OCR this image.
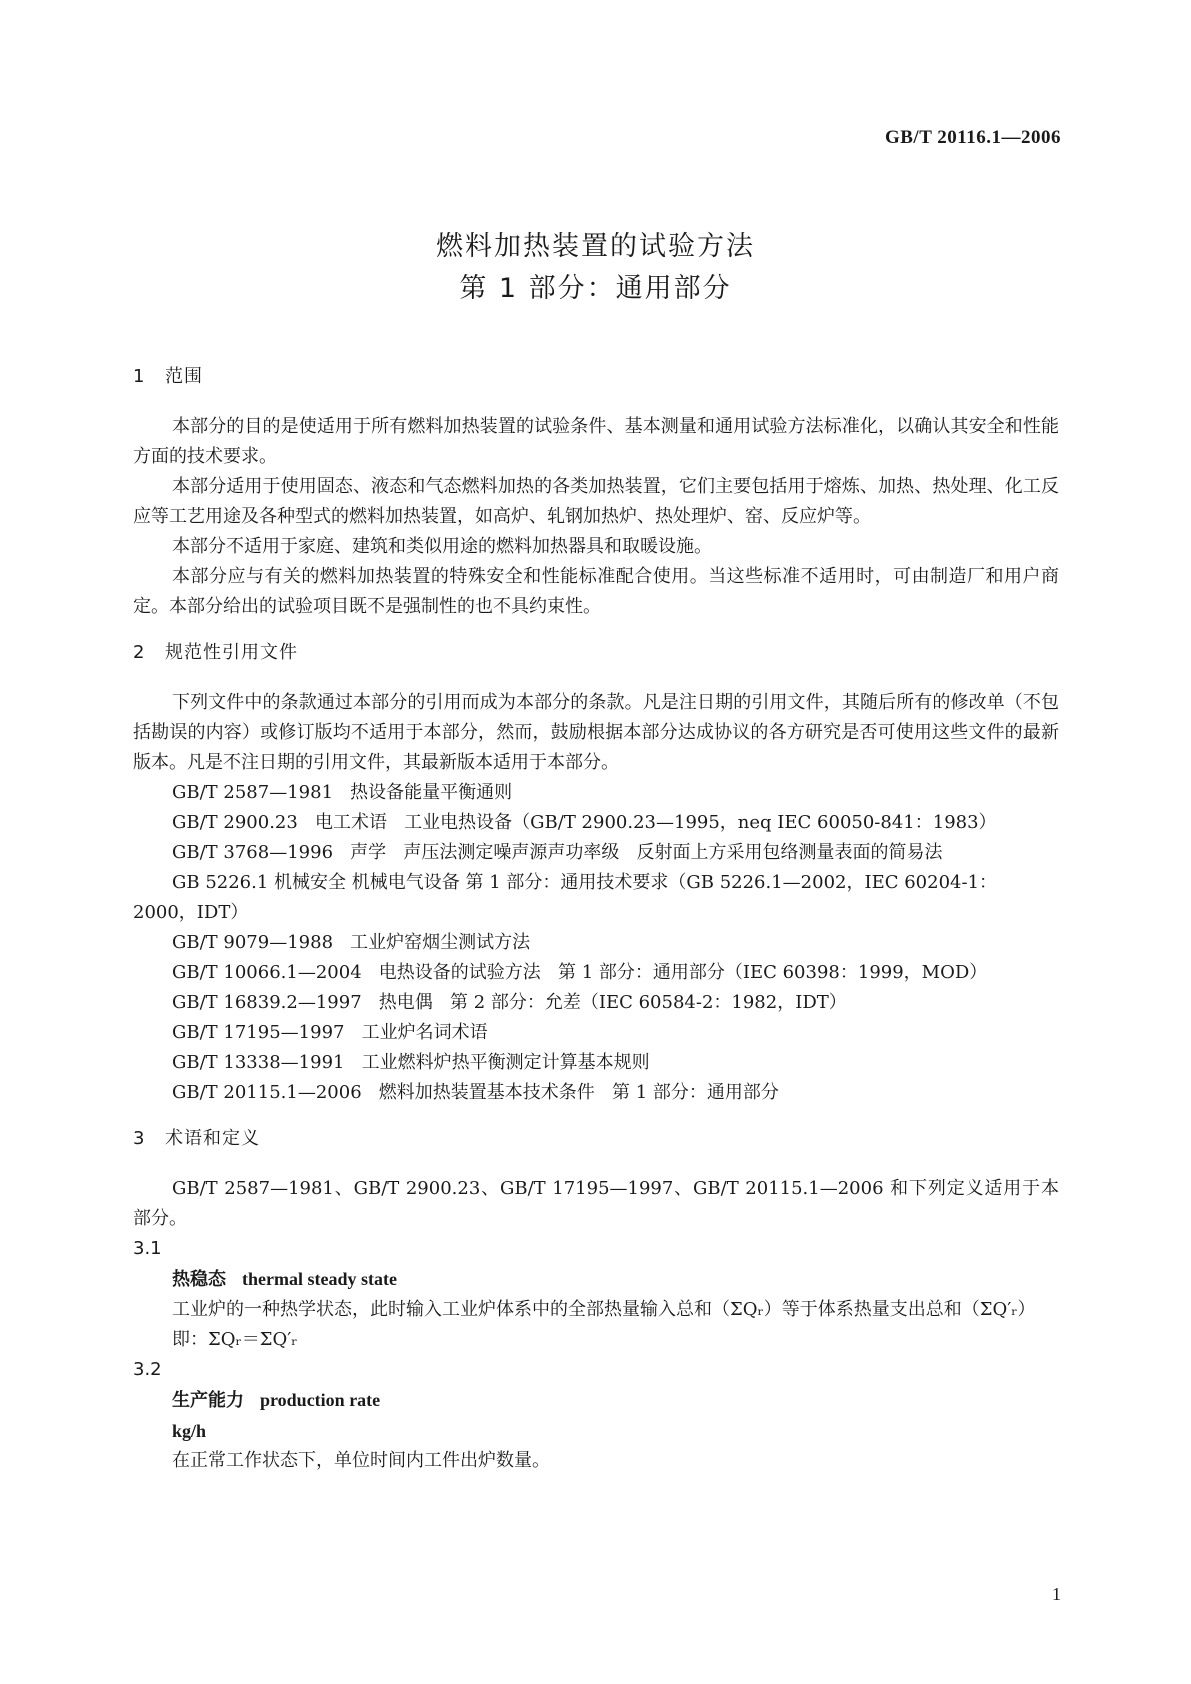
GB/T 20116.1—2006
燃料加热装置的试验方法
第 1 部分：通用部分
1 范围

本部分的目的是使适用于所有燃料加热装置的试验条件、基本测量和通用试验方法标准化，以确认其安全和性能方面的技术要求。

本部分适用于使用固态、液态和气态燃料加热的各类加热装置，它们主要包括用于熔炼、加热、热处理、化工反应等工艺用途及各种型式的燃料加热装置，如高炉、轧钢加热炉、热处理炉、窑、反应炉等。

本部分不适用于家庭、建筑和类似用途的燃料加热器具和取暖设施。

本部分应与有关的燃料加热装置的特殊安全和性能标准配合使用。当这些标准不适用时，可由制造厂和用户商定。本部分给出的试验项目既不是强制性的也不具约束性。

2 规范性引用文件

下列文件中的条款通过本部分的引用而成为本部分的条款。凡是注日期的引用文件，其随后所有的修改单（不包括勘误的内容）或修订版均不适用于本部分，然而，鼓励根据本部分达成协议的各方研究是否可使用这些文件的最新版本。凡是不注日期的引用文件，其最新版本适用于本部分。

GB/T 2587—1981   热设备能量平衡通则

GB/T 2900.23   电工术语   工业电热设备（GB/T 2900.23—1995，neq IEC 60050-841：1983）

GB/T 3768—1996   声学   声压法测定噪声源声功率级   反射面上方采用包络测量表面的简易法

GB 5226.1 机械安全 机械电气设备 第 1 部分：通用技术要求（GB 5226.1—2002，IEC 60204-1：2000，IDT）

GB/T 9079—1988   工业炉窑烟尘测试方法

GB/T 10066.1—2004   电热设备的试验方法   第 1 部分：通用部分（IEC 60398：1999，MOD）

GB/T 16839.2—1997   热电偶   第 2 部分：允差（IEC 60584-2：1982，IDT）

GB/T 17195—1997   工业炉名词术语

GB/T 13338—1991   工业燃料炉热平衡测定计算基本规则

GB/T 20115.1—2006   燃料加热装置基本技术条件   第 1 部分：通用部分

3 术语和定义

GB/T 2587—1981、GB/T 2900.23、GB/T 17195—1997、GB/T 20115.1—2006 和下列定义适用于本部分。

3.1

热稳态 thermal steady state

工业炉的一种热学状态，此时输入工业炉体系中的全部热量输入总和（ΣQᵣ）等于体系热量支出总和（ΣQ′ᵣ）

即：ΣQᵣ＝ΣQ′ᵣ

3.2

生产能力 production rate

kg/h

在正常工作状态下，单位时间内工件出炉数量。

1
